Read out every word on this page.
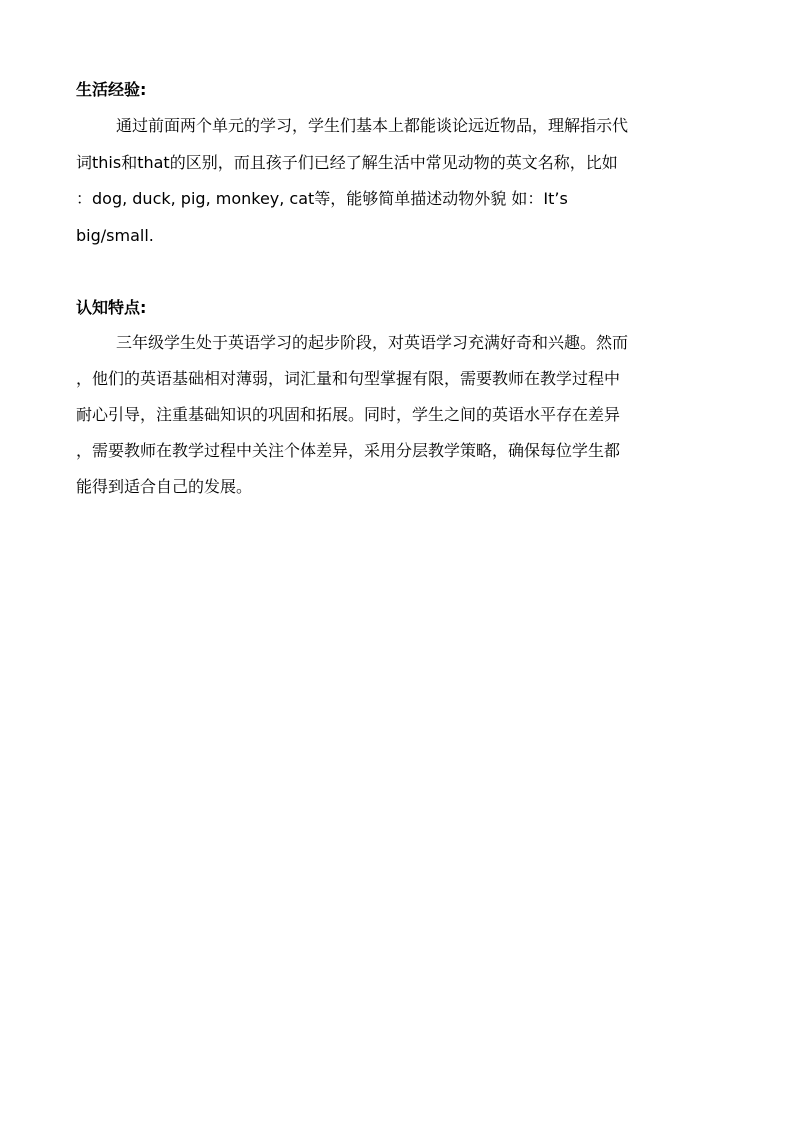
生活经验:
通过前面两个单元的学习，学生们基本上都能谈论远近物品，理解指示代
词this和that的区别，而且孩子们已经了解生活中常见动物的英文名称，比如
：dog, duck, pig, monkey, cat等，能够简单描述动物外貌 如：It’s
big/small.
认知特点:
三年级学生处于英语学习的起步阶段，对英语学习充满好奇和兴趣。然而
，他们的英语基础相对薄弱，词汇量和句型掌握有限，需要教师在教学过程中
耐心引导，注重基础知识的巩固和拓展。同时，学生之间的英语水平存在差异
，需要教师在教学过程中关注个体差异，采用分层教学策略，确保每位学生都
能得到适合自己的发展。
